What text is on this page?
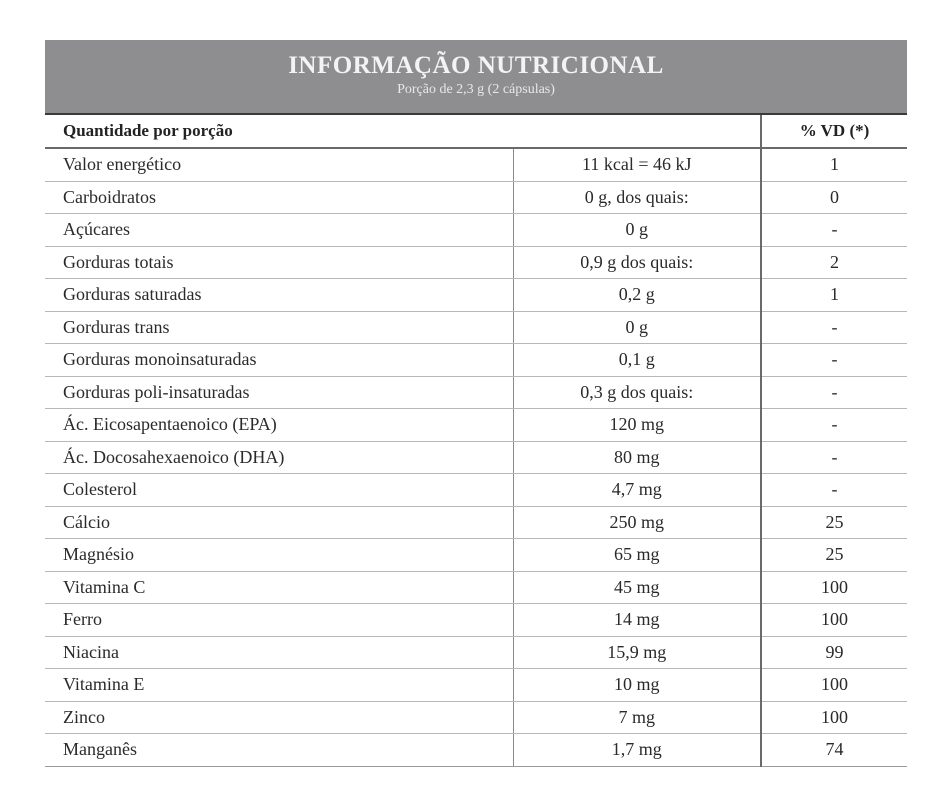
INFORMAÇÃO NUTRICIONAL
Porção de 2,3 g (2 cápsulas)
Quantidade por porção		% VD (*)
Valor energético	11 kcal = 46 kJ	1
Carboidratos	0 g, dos quais:	0
Açúcares	0 g	-
Gorduras totais	0,9 g dos quais:	2
Gorduras saturadas	0,2 g	1
Gorduras trans	0 g	-
Gorduras monoinsaturadas	0,1 g	-
Gorduras poli-insaturadas	0,3 g dos quais:	-
Ác. Eicosapentaenoico (EPA)	120 mg	-
Ác. Docosahexaenoico (DHA)	80 mg	-
Colesterol	4,7 mg	-
Cálcio	250 mg	25
Magnésio	65 mg	25
Vitamina C	45 mg	100
Ferro	14 mg	100
Niacina	15,9 mg	99
Vitamina E	10 mg	100
Zinco	7 mg	100
Manganês	1,7 mg	74
